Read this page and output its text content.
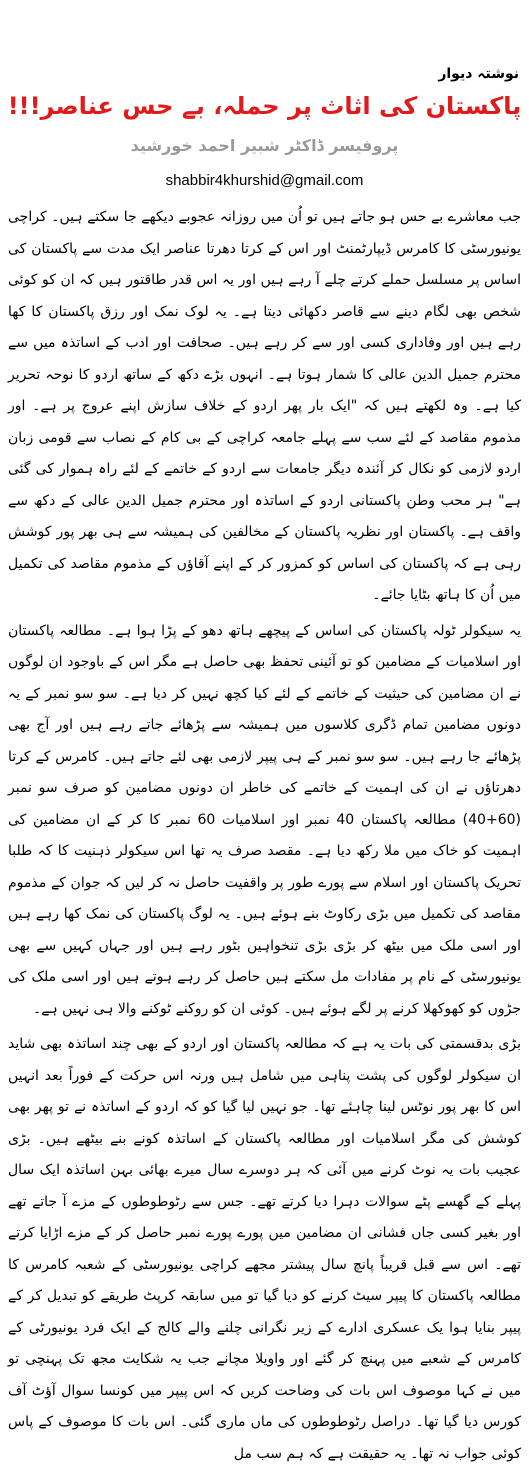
نوشتہ دیوار
پاکستان کی اثاث پر حملہ، بے حس عناصر!!!
پروفیسر ڈاکٹر شبیر احمد خورشید
shabbir4khurshid@gmail.com

جب معاشرے بے حس ہو جاتے ہیں تو اُن میں روزانہ عجوبے دیکھے جا سکتے ہیں۔ کراچی یونیورسٹی کا کامرس ڈیپارٹمنٹ اور اس کے کرتا دھرتا عناصر ایک مدت سے پاکستان کی اساس پر مسلسل حملے کرتے چلے آ رہے ہیں اور یہ اس قدر طاقتور ہیں کہ ان کو کوئی شخص بھی لگام دینے سے قاصر دکھائی دیتا ہے۔ یہ لوک نمک اور رزق پاکستان کا کھا رہے ہیں اور وفاداری کسی اور سے کر رہے ہیں۔ صحافت اور ادب کے اساتذہ میں سے محترم جمیل الدین عالی کا شمار ہوتا ہے۔ انہوں بڑے دکھ کے ساتھ اردو کا نوحہ تحریر کیا ہے۔ وہ لکھتے ہیں کہ "ایک بار پھر اردو کے خلاف سازش اپنے عروج پر ہے۔ اور مذموم مقاصد کے لئے سب سے پہلے جامعہ کراچی کے بی کام کے نصاب سے قومی زبان اردو لازمی کو نکال کر آئندہ دیگر جامعات سے اردو کے خاتمے کے لئے راہ ہموار کی گئی ہے" ہر محب وطن پاکستانی اردو کے اساتذہ اور محترم جمیل الدین عالی کے دکھ سے واقف ہے۔ پاکستان اور نظریہ پاکستان کے مخالفین کی ہمیشہ سے ہی بھر پور کوشش رہی ہے کہ پاکستان کی اساس کو کمزور کر کے اپنے آقاؤں کے مذموم مقاصد کی تکمیل میں اُن کا ہاتھ بٹایا جائے۔

یہ سیکولر ٹولہ پاکستان کی اساس کے پیچھے ہاتھ دھو کے پڑا ہوا ہے۔ مطالعہ پاکستان اور اسلامیات کے مضامین کو تو آئینی تحفظ بھی حاصل ہے مگر اس کے باوجود ان لوگوں نے ان مضامین کی حیثیت کے خاتمے کے لئے کیا کچھ نہیں کر دیا ہے۔ سو سو نمبر کے یہ دونوں مضامین تمام ڈگری کلاسوں میں ہمیشہ سے پڑھائے جاتے رہے ہیں اور آج بھی پڑھائے جا رہے ہیں۔ سو سو نمبر کے ہی پیپر لازمی بھی لئے جاتے ہیں۔ کامرس کے کرتا دھرتاؤں نے ان کی اہمیت کے خاتمے کی خاطر ان دونوں مضامین کو صرف سو نمبر (60+40) مطالعہ پاکستان 40 نمبر اور اسلامیات 60 نمبر کا کر کے ان مضامین کی اہمیت کو خاک میں ملا رکھ دیا ہے۔ مقصد صرف یہ تھا اس سیکولر ذہنیت کا کہ طلبا تحریک پاکستان اور اسلام سے پورے طور پر واقفیت حاصل نہ کر لیں کہ جوان کے مذموم مقاصد کی تکمیل میں بڑی رکاوٹ بنے ہوئے ہیں۔ یہ لوگ پاکستان کی نمک کھا رہے ہیں اور اسی ملک میں بیٹھ کر بڑی بڑی تنخواہیں بٹور رہے ہیں اور جہاں کہیں سے بھی یونیورسٹی کے نام پر مفادات مل سکتے ہیں حاصل کر رہے ہوتے ہیں اور اسی ملک کی جڑوں کو کھوکھلا کرنے پر لگے ہوئے ہیں۔ کوئی ان کو روکنے ٹوکنے والا ہی نہیں ہے۔

بڑی بدقسمتی کی بات یہ ہے کہ مطالعہ پاکستان اور اردو کے بھی چند اساتذہ بھی شاید ان سیکولر لوگوں کی پشت پناہی میں شامل ہیں ورنہ اس حرکت کے فوراً بعد انہیں اس کا بھر پور نوٹس لینا چاہئے تھا۔ جو نہیں لیا گیا کو کہ اردو کے اساتذہ نے تو پھر بھی کوشش کی مگر اسلامیات اور مطالعہ پاکستان کے اساتذہ کونے بنے بیٹھے ہیں۔ بڑی عجیب بات یہ نوٹ کرنے میں آئی کہ ہر دوسرے سال میرے بھائی بہن اساتذہ ایک سال پہلے کے گھسے پٹے سوالات دہرا دیا کرتے تھے۔ جس سے رٹوطوطوں کے مزے آ جاتے تھے اور بغیر کسی جاں فشانی ان مضامین میں پورے پورے نمبر حاصل کر کے مزے اڑایا کرتے تھے۔ اس سے قبل قریباً پانچ سال پیشتر مجھے کراچی یونیورسٹی کے شعبہ کامرس کا مطالعہ پاکستان کا پیپر سیٹ کرنے کو دیا گیا تو میں سابقہ کرپٹ طریقے کو تبدیل کر کے پیپر بنایا ہوا یک عسکری ادارے کے زیر نگرانی چلنے والے کالج کے ایک فرد یونیورٹی کے کامرس کے شعبے میں پہنچ کر گئے اور واویلا مچانے جب یہ شکایت مجھ تک پہنچی تو میں نے کہا موصوف اس بات کی وضاحت کریں کہ اس پیپر میں کونسا سوال آؤٹ آف کورس دیا گیا تھا۔ دراصل رٹوطوطوں کی ماں ماری گئی۔ اس بات کا موصوف کے پاس کوئی جواب نہ تھا۔ یہ حقیقت ہے کہ ہم سب مل
